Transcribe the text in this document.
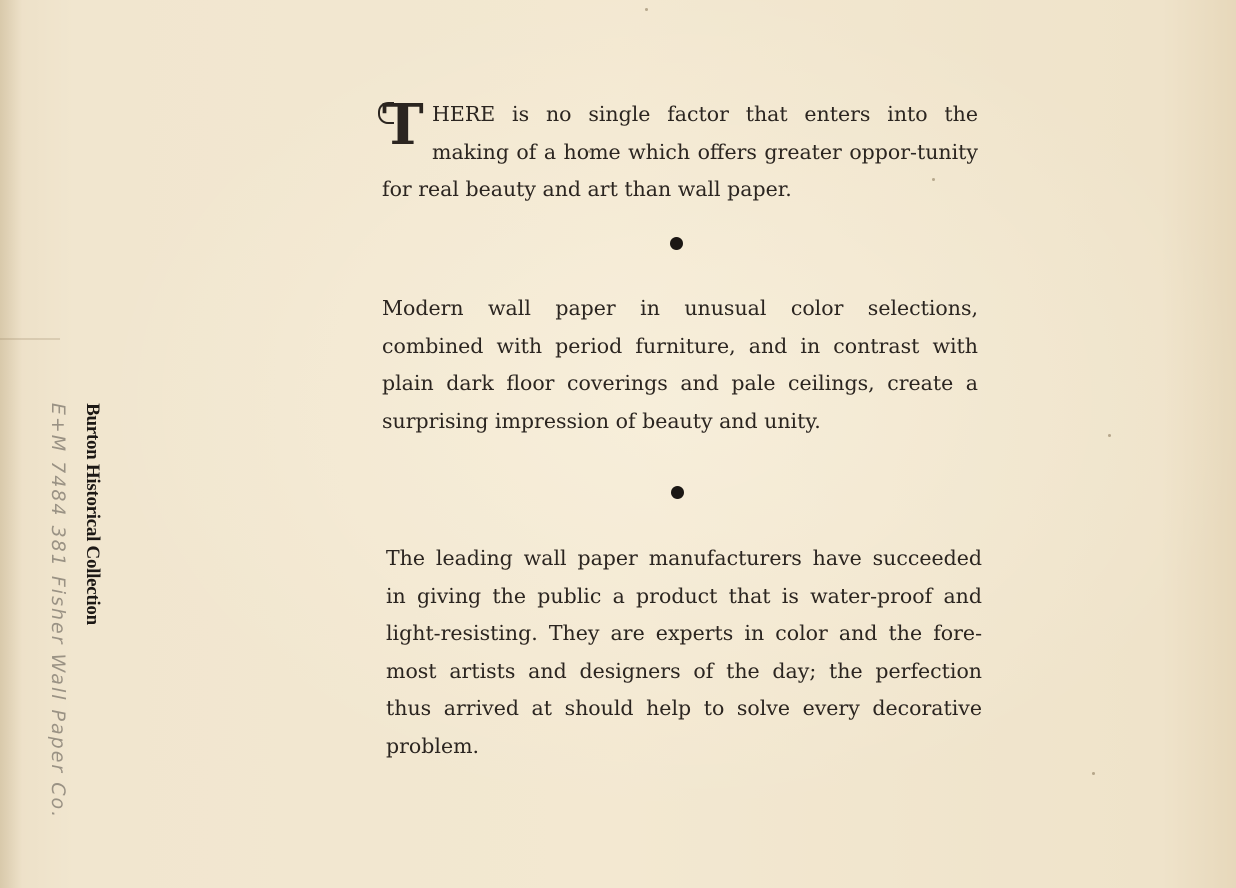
Burton Historical Collection
E+M 7484 381 Fisher Wall Paper Co.

T HERE is no single factor that enters into the making of a home which offers greater oppor-tunity for real beauty and art than wall paper.

Modern wall paper in unusual color selections, combined with period furniture, and in contrast with plain dark floor coverings and pale ceilings, create a surprising impression of beauty and unity.

The leading wall paper manufacturers have succeeded in giving the public a product that is water-proof and light-resisting. They are experts in color and the fore-most artists and designers of the day; the perfection thus arrived at should help to solve every decorative problem.
